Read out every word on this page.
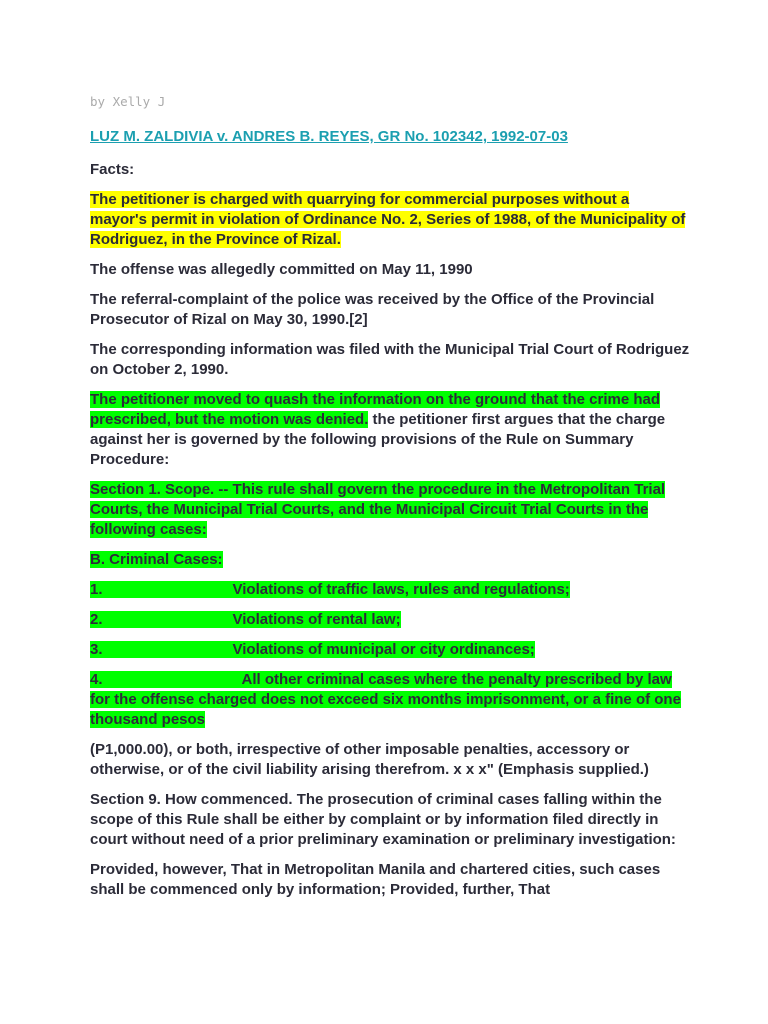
by Xelly J
LUZ M. ZALDIVIA v. ANDRES B. REYES, GR No. 102342, 1992-07-03

Facts:

The petitioner is charged with quarrying for commercial purposes without a mayor's permit in violation of Ordinance No. 2, Series of 1988, of the Municipality of Rodriguez, in the Province of Rizal.

The offense was allegedly committed on May 11, 1990

The referral-complaint of the police was received by the Office of the Provincial Prosecutor of Rizal on May 30, 1990.[2]

The corresponding information was filed with the Municipal Trial Court of Rodriguez on October 2, 1990.

The petitioner moved to quash the information on the ground that the crime had prescribed, but the motion was denied. the petitioner first argues that the charge against her is governed by the following provisions of the Rule on Summary Procedure:

Section 1. Scope. -- This rule shall govern the procedure in the Metropolitan Trial Courts, the Municipal Trial Courts, and the Municipal Circuit Trial Courts in the following cases:

B. Criminal Cases:

1.	Violations of traffic laws, rules and regulations;

2.	Violations of rental law;

3.	Violations of municipal or city ordinances;

4.	All other criminal cases where the penalty prescribed by law for the offense charged does not exceed six months imprisonment, or a fine of one thousand pesos

(P1,000.00), or both, irrespective of other imposable penalties, accessory or otherwise, or of the civil liability arising therefrom. x x x" (Emphasis supplied.)

Section 9. How commenced. The prosecution of criminal cases falling within the scope of this Rule shall be either by complaint or by information filed directly in court without need of a prior preliminary examination or preliminary investigation:

Provided, however, That in Metropolitan Manila and chartered cities, such cases shall be commenced only by information; Provided, further, That
